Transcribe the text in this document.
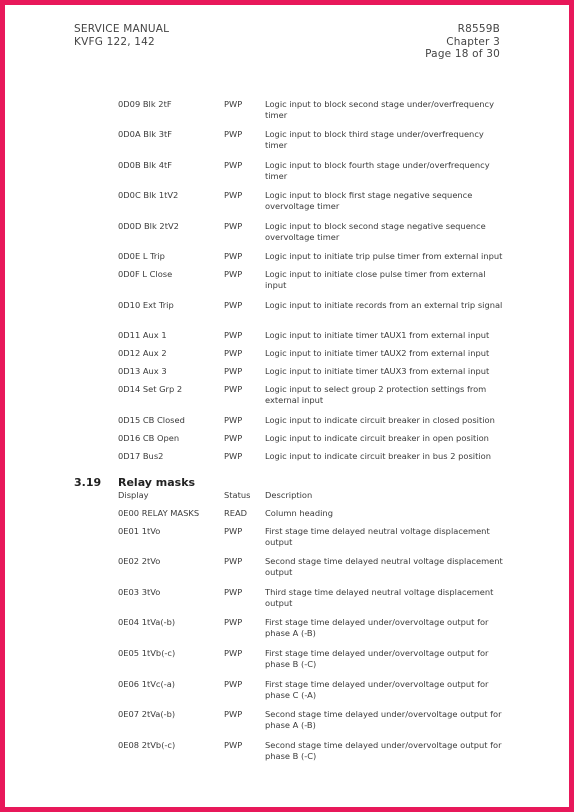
SERVICE MANUAL
KVFG 122, 142
R8559B
Chapter 3
Page 18 of 30
0D09 Blk 2tF	PWP	Logic input to block second stage under/overfrequency timer
0D0A Blk 3tF	PWP	Logic input to block third stage under/overfrequency timer
0D0B Blk 4tF	PWP	Logic input to block fourth stage under/overfrequency timer
0D0C Blk 1tV2	PWP	Logic input to block first stage negative sequence overvoltage timer
0D0D Blk 2tV2	PWP	Logic input to block second stage negative sequence overvoltage timer
0D0E L Trip	PWP	Logic input to initiate trip pulse timer from external input
0D0F L Close	PWP	Logic input to initiate close pulse timer from external input
0D10 Ext Trip	PWP	Logic input to initiate records from an external trip signal
0D11 Aux 1	PWP	Logic input to initiate timer tAUX1 from external input
0D12 Aux 2	PWP	Logic input to initiate timer tAUX2 from external input
0D13 Aux 3	PWP	Logic input to initiate timer tAUX3 from external input
0D14 Set Grp 2	PWP	Logic input to select group 2 protection settings from external input
0D15 CB Closed	PWP	Logic input to indicate circuit breaker in closed position
0D16 CB Open	PWP	Logic input to indicate circuit breaker in open position
0D17 Bus2	PWP	Logic input to indicate circuit breaker in bus 2 position
3.19 Relay masks
Display	Status Description
0E00 RELAY MASKS	READ Column heading
0E01 1tVo	PWP	First stage time delayed neutral voltage displacement output
0E02 2tVo	PWP	Second stage time delayed neutral voltage displacement output
0E03 3tVo	PWP	Third stage time delayed neutral voltage displacement output
0E04 1tVa(-b)	PWP	First stage time delayed under/overvoltage output for phase A (-B)
0E05 1tVb(-c)	PWP	First stage time delayed under/overvoltage output for phase B (-C)
0E06 1tVc(-a)	PWP	First stage time delayed under/overvoltage output for phase C (-A)
0E07 2tVa(-b)	PWP	Second stage time delayed under/overvoltage output for phase A (-B)
0E08 2tVb(-c)	PWP	Second stage time delayed under/overvoltage output for phase B (-C)
